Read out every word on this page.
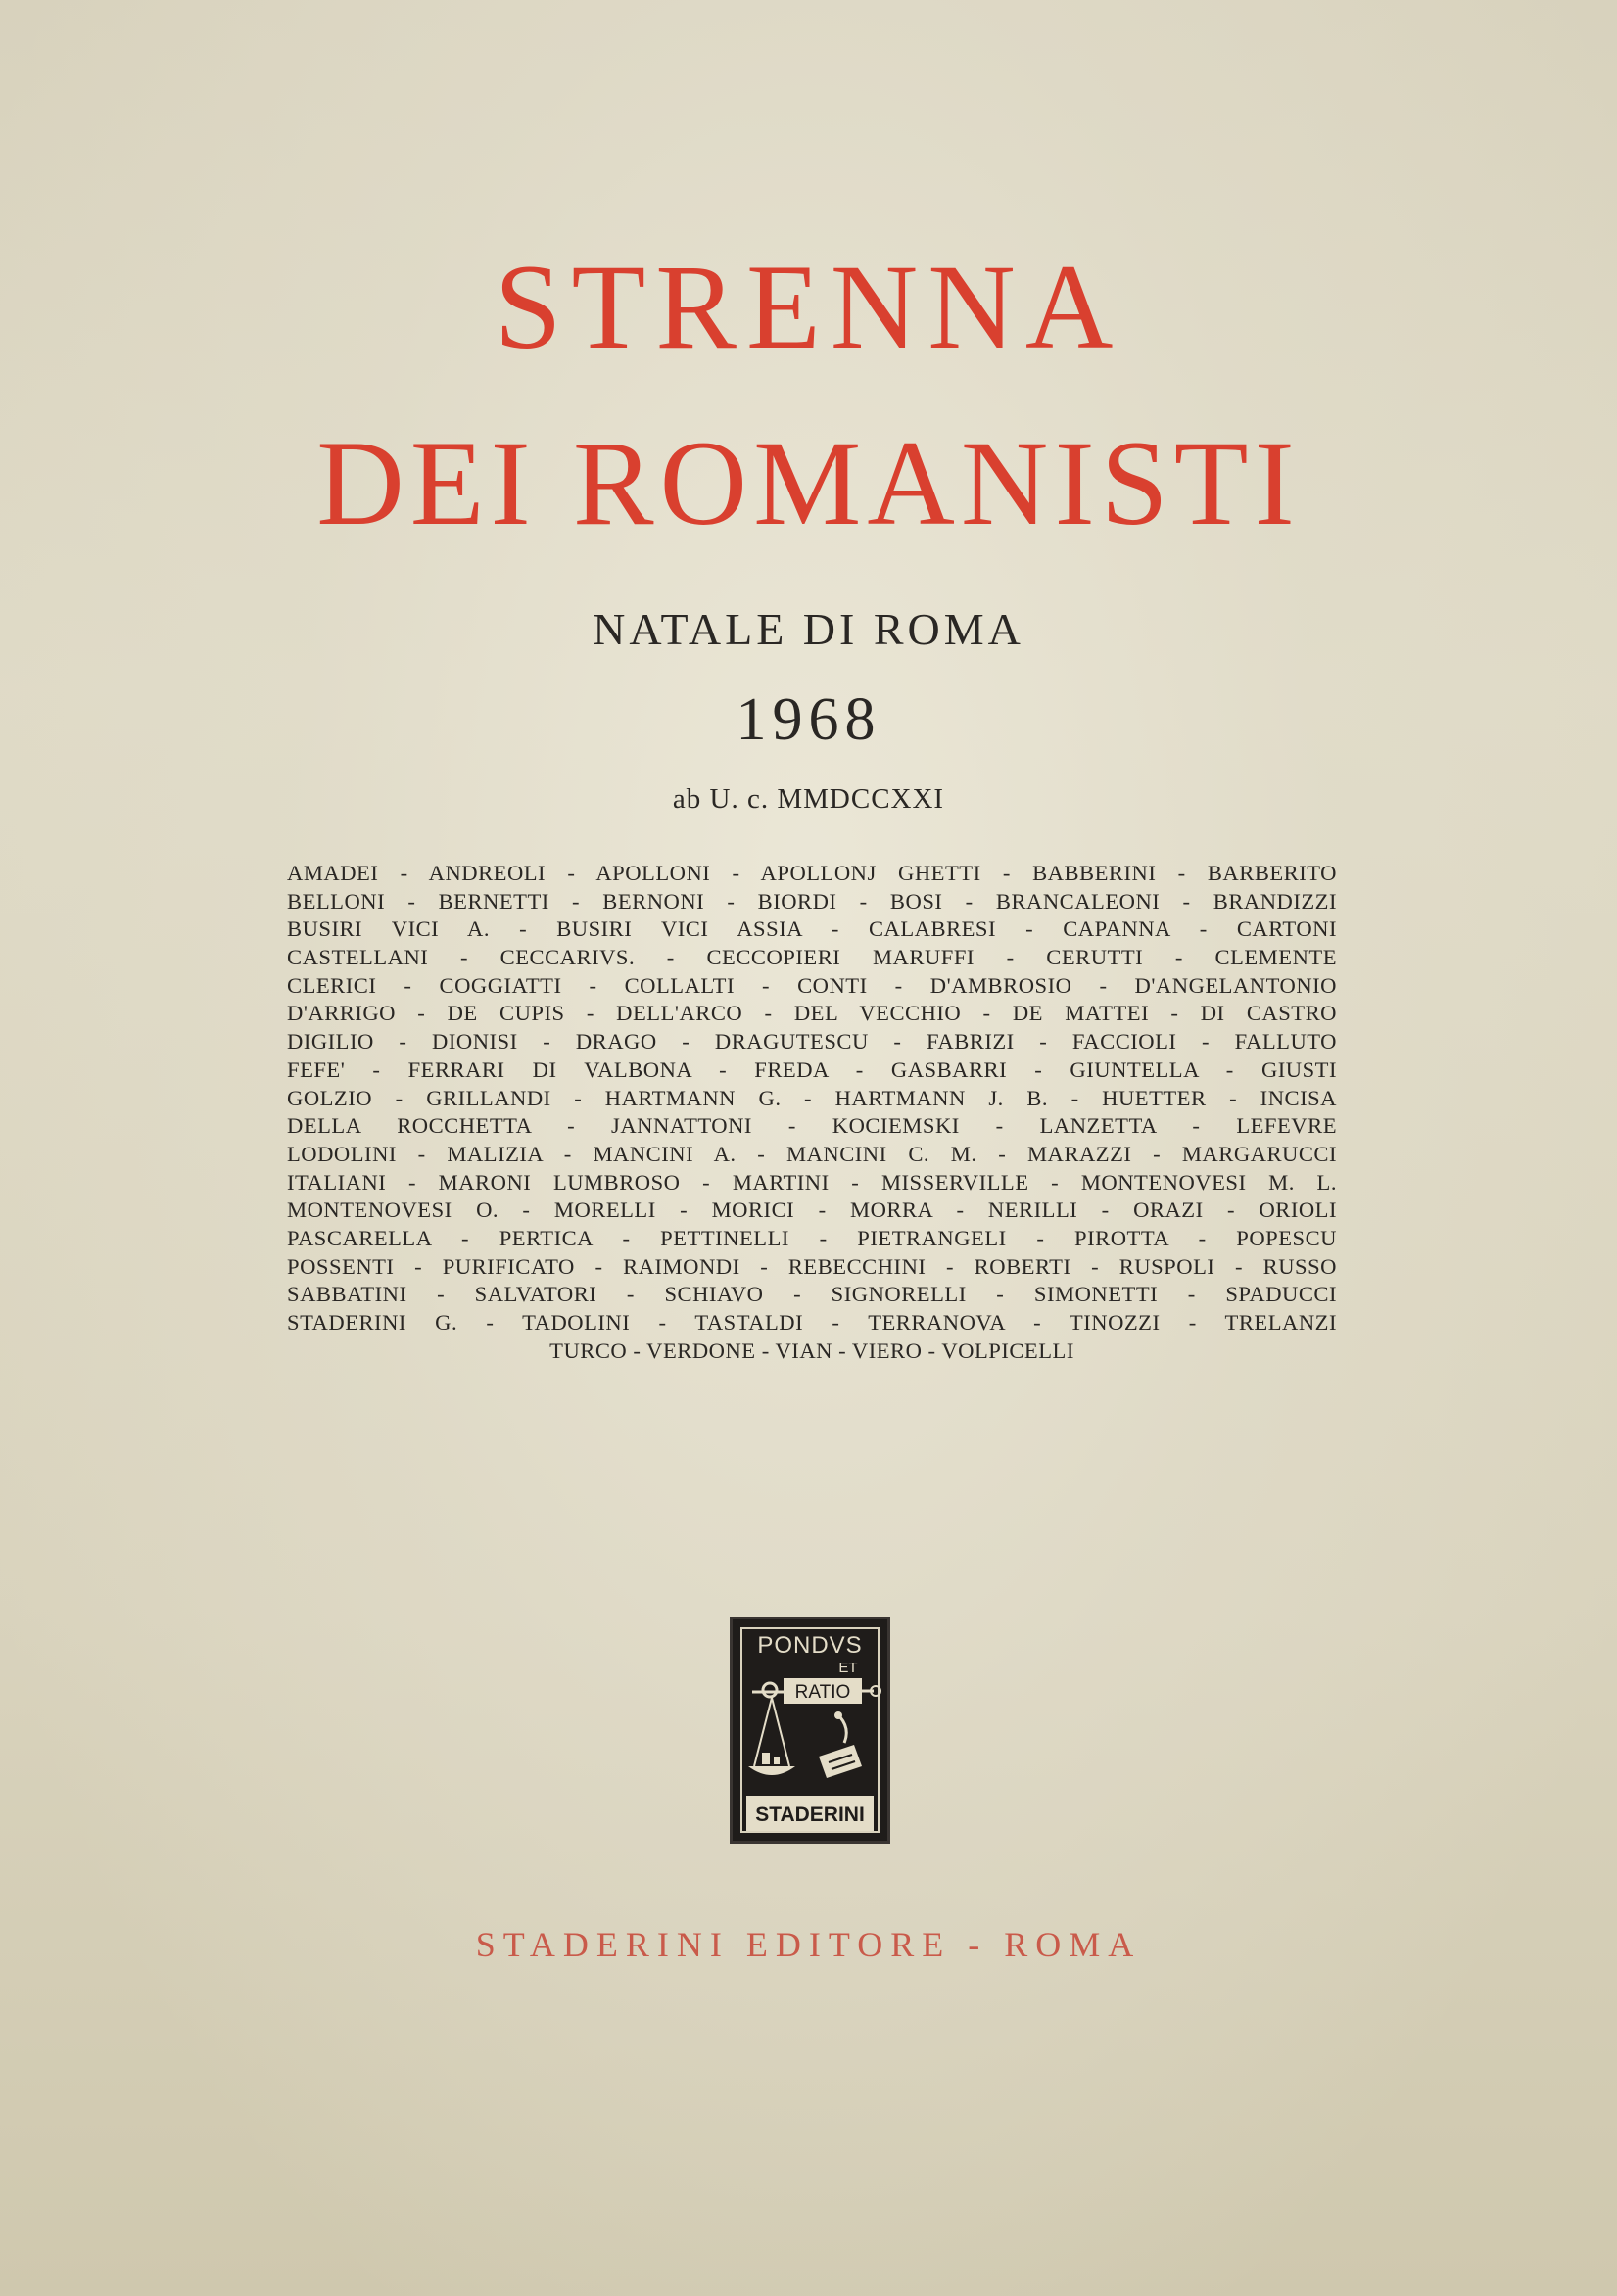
STRENNA
DEI ROMANISTI
NATALE DI ROMA
1968
ab U. c. MMDCCXXI
AMADEI - ANDREOLI - APOLLONI - APOLLONJ GHETTI - BABBERINI - BARBERITO
BELLONI - BERNETTI - BERNONI - BIORDI - BOSI - BRANCALEONI - BRANDIZZI
BUSIRI VICI A. - BUSIRI VICI ASSIA - CALABRESI - CAPANNA - CARTONI
CASTELLANI - CECCARIVS. - CECCOPIERI MARUFFI - CERUTTI - CLEMENTE
CLERICI - COGGIATTI - COLLALTI - CONTI - D'AMBROSIO - D'ANGELANTONIO
D'ARRIGO - DE CUPIS - DELL'ARCO - DEL VECCHIO - DE MATTEI - DI CASTRO
DIGILIO - DIONISI - DRAGO - DRAGUTESCU - FABRIZI - FACCIOLI - FALLUTO
FEFE' - FERRARI DI VALBONA - FREDA - GASBARRI - GIUNTELLA - GIUSTI
GOLZIO - GRILLANDI - HARTMANN G. - HARTMANN J. B. - HUETTER - INCISA
DELLA ROCCHETTA - JANNATTONI - KOCIEMSKI - LANZETTA - LEFEVRE
LODOLINI - MALIZIA - MANCINI A. - MANCINI C. M. - MARAZZI - MARGARUCCI
ITALIANI - MARONI LUMBROSO - MARTINI - MISSERVILLE - MONTENOVESI M. L.
MONTENOVESI O. - MORELLI - MORICI - MORRA - NERILLI - ORAZI - ORIOLI
PASCARELLA - PERTICA - PETTINELLI - PIETRANGELI - PIROTTA - POPESCU
POSSENTI - PURIFICATO - RAIMONDI - REBECCHINI - ROBERTI - RUSPOLI - RUSSO
SABBATINI - SALVATORI - SCHIAVO - SIGNORELLI - SIMONETTI - SPADUCCI
STADERINI G. - TADOLINI - TASTALDI - TERRANOVA - TINOZZI - TRELANZI
TURCO - VERDONE - VIAN - VIERO - VOLPICELLI
PONDVS
ET
RATIO
STADERINI
STADERINI EDITORE - ROMA
